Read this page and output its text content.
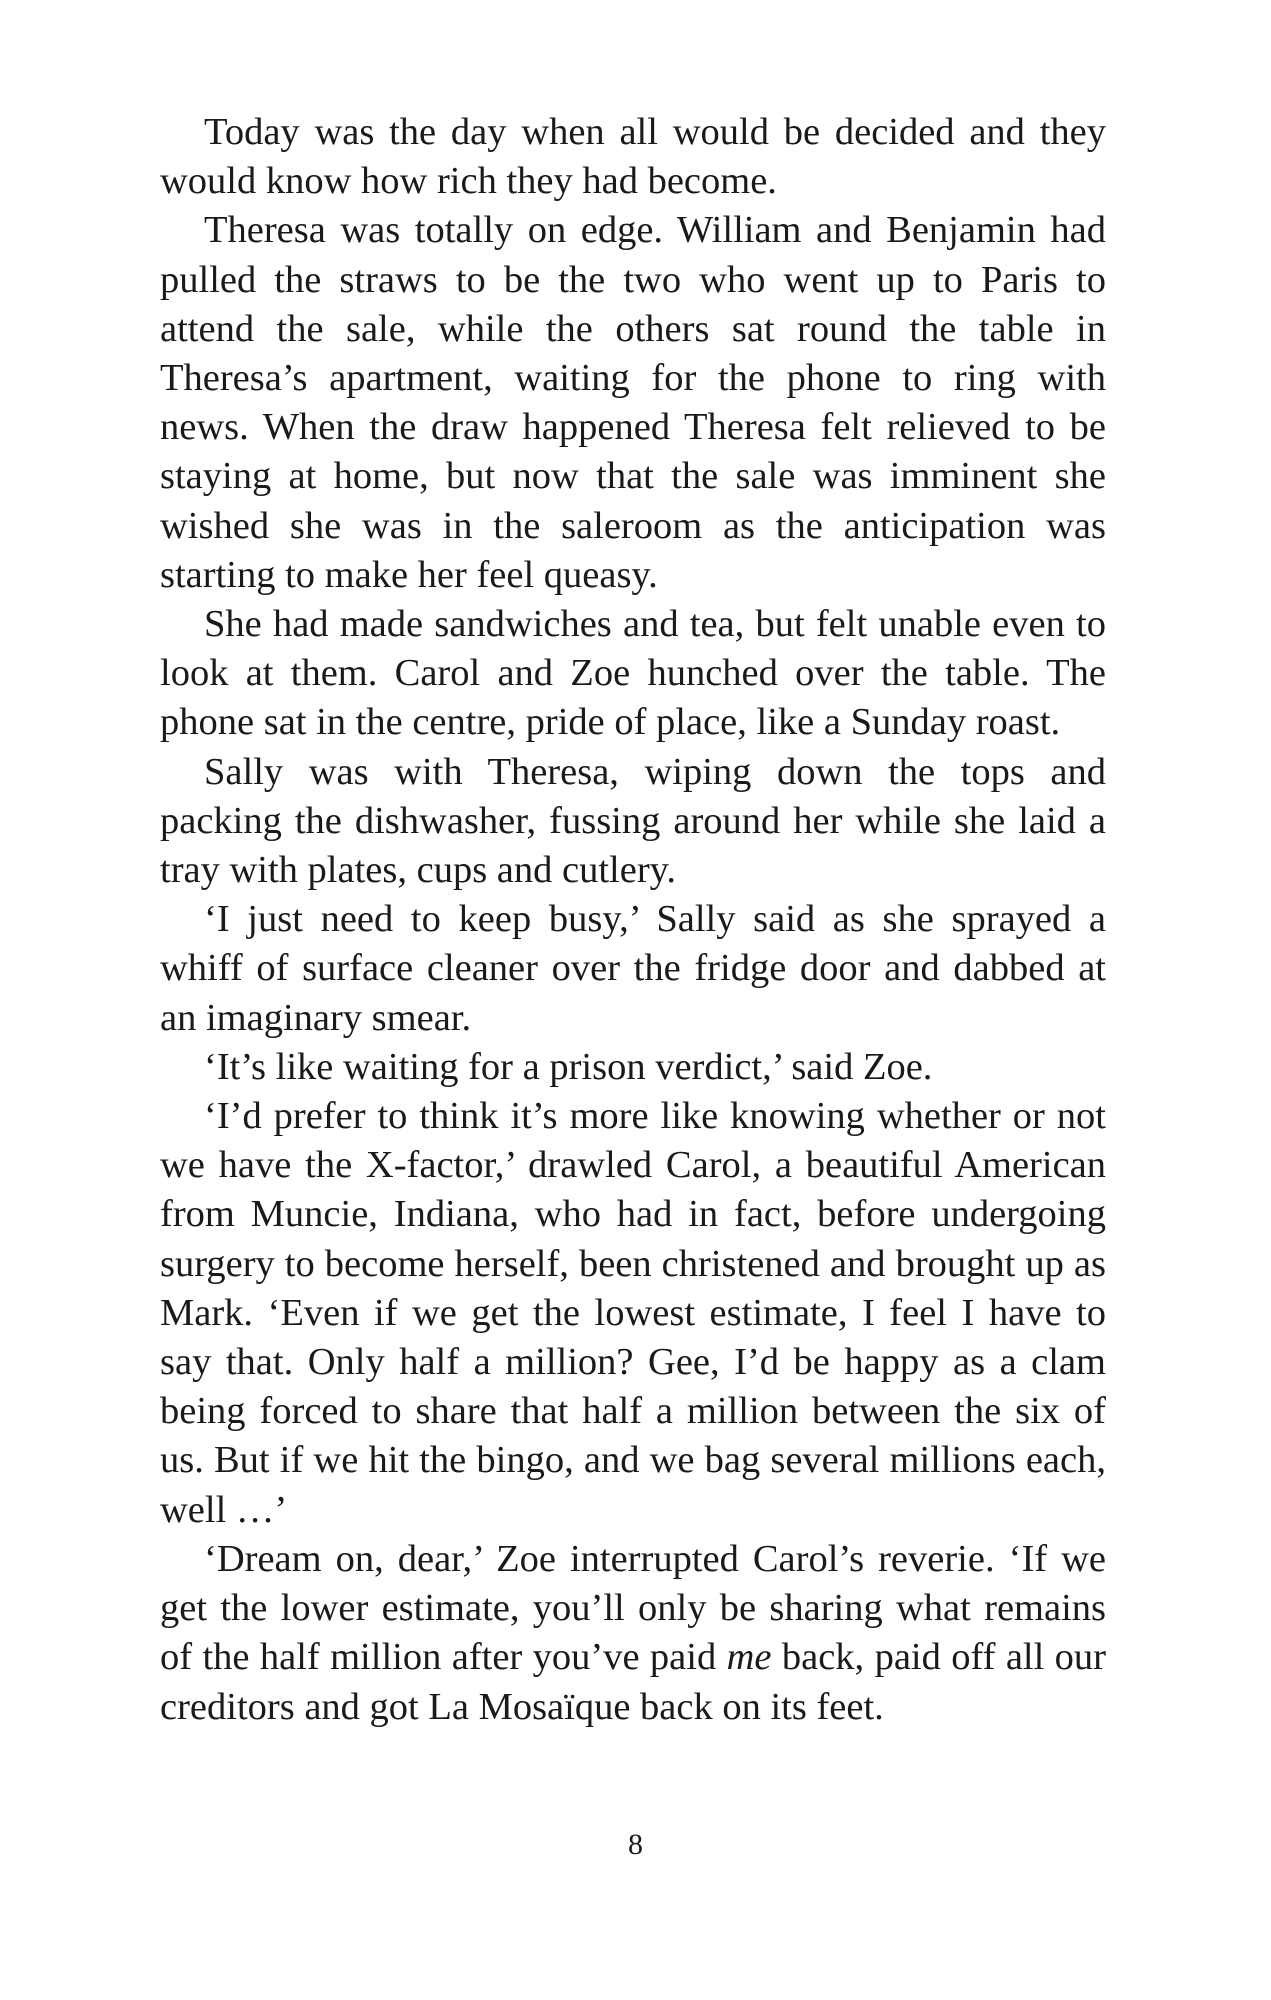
Today was the day when all would be decided and they would know how rich they had become.

Theresa was totally on edge. William and Benjamin had pulled the straws to be the two who went up to Paris to attend the sale, while the others sat round the table in Theresa’s apartment, waiting for the phone to ring with news. When the draw happened Theresa felt relieved to be staying at home, but now that the sale was imminent she wished she was in the saleroom as the anticipation was starting to make her feel queasy.

She had made sandwiches and tea, but felt unable even to look at them. Carol and Zoe hunched over the table. The phone sat in the centre, pride of place, like a Sunday roast.

Sally was with Theresa, wiping down the tops and packing the dishwasher, fussing around her while she laid a tray with plates, cups and cutlery.

‘I just need to keep busy,’ Sally said as she sprayed a whiff of surface cleaner over the fridge door and dabbed at an imaginary smear.

‘It’s like waiting for a prison verdict,’ said Zoe.

‘I’d prefer to think it’s more like knowing whether or not we have the X-factor,’ drawled Carol, a beautiful American from Muncie, Indiana, who had in fact, before undergoing surgery to become herself, been christened and brought up as Mark. ‘Even if we get the lowest estimate, I feel I have to say that. Only half a million? Gee, I’d be happy as a clam being forced to share that half a million between the six of us. But if we hit the bingo, and we bag several millions each, well …’

‘Dream on, dear,’ Zoe interrupted Carol’s reverie. ‘If we get the lower estimate, you’ll only be sharing what remains of the half million after you’ve paid me back, paid off all our creditors and got La Mosaïque back on its feet.

8
